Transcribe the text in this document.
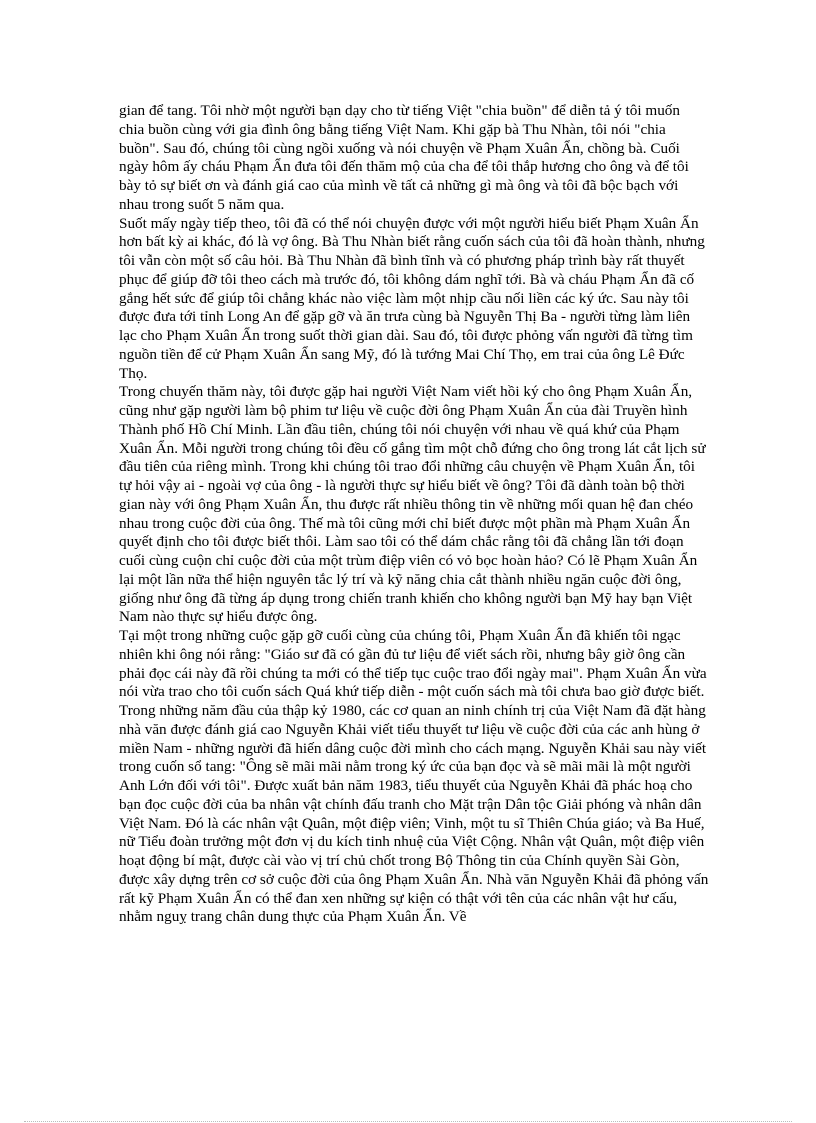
gian để tang. Tôi nhờ một người bạn dạy cho từ tiếng Việt "chia buồn" để diễn tả ý tôi muốn chia buồn cùng với gia đình ông bằng tiếng Việt Nam. Khi gặp bà Thu Nhàn, tôi nói "chia buồn". Sau đó, chúng tôi cùng ngồi xuống và nói chuyện về Phạm Xuân Ẩn, chồng bà. Cuối ngày hôm ấy cháu Phạm Ẩn đưa tôi đến thăm mộ của cha để tôi thắp hương cho ông và để tôi bày tỏ sự biết ơn và đánh giá cao của mình về tất cả những gì mà ông và tôi đã bộc bạch với nhau trong suốt 5 năm qua.

Suốt mấy ngày tiếp theo, tôi đã có thể nói chuyện được với một người hiểu biết Phạm Xuân Ẩn hơn bất kỳ ai khác, đó là vợ ông. Bà Thu Nhàn biết rằng cuốn sách của tôi đã hoàn thành, nhưng tôi vẫn còn một số câu hỏi. Bà Thu Nhàn đã bình tĩnh và có phương pháp trình bày rất thuyết phục để giúp đỡ tôi theo cách mà trước đó, tôi không dám nghĩ tới. Bà và cháu Phạm Ẩn đã cố gắng hết sức để giúp tôi chẳng khác nào việc làm một nhịp cầu nối liền các ký ức. Sau này tôi được đưa tới tỉnh Long An để gặp gỡ và ăn trưa cùng bà Nguyễn Thị Ba - người từng làm liên lạc cho Phạm Xuân Ẩn trong suốt thời gian dài. Sau đó, tôi được phỏng vấn người đã từng tìm nguồn tiền để cử Phạm Xuân Ẩn sang Mỹ, đó là tướng Mai Chí Thọ, em trai của ông Lê Đức Thọ.

Trong chuyến thăm này, tôi được gặp hai người Việt Nam viết hồi ký cho ông Phạm Xuân Ẩn, cũng như gặp người làm bộ phim tư liệu về cuộc đời ông Phạm Xuân Ẩn của đài Truyền hình Thành phố Hồ Chí Minh. Lần đầu tiên, chúng tôi nói chuyện với nhau về quá khứ của Phạm Xuân Ẩn. Mỗi người trong chúng tôi đều cố gắng tìm một chỗ đứng cho ông trong lát cắt lịch sử đầu tiên của riêng mình. Trong khi chúng tôi trao đổi những câu chuyện về Phạm Xuân Ẩn, tôi tự hỏi vậy ai - ngoài vợ của ông - là người thực sự hiểu biết về ông? Tôi đã dành toàn bộ thời gian này với ông Phạm Xuân Ẩn, thu được rất nhiều thông tin về những mối quan hệ đan chéo nhau trong cuộc đời của ông. Thế mà tôi cũng mới chỉ biết được một phần mà Phạm Xuân Ẩn quyết định cho tôi được biết thôi. Làm sao tôi có thể dám chắc rằng tôi đã chẳng lần tới đoạn cuối cùng cuộn chỉ cuộc đời của một trùm điệp viên có vỏ bọc hoàn hảo? Có lẽ Phạm Xuân Ẩn lại một lần nữa thể hiện nguyên tắc lý trí và kỹ năng chia cắt thành nhiều ngăn cuộc đời ông, giống như ông đã từng áp dụng trong chiến tranh khiến cho không người bạn Mỹ hay bạn Việt Nam nào thực sự hiểu được ông.

Tại một trong những cuộc gặp gỡ cuối cùng của chúng tôi, Phạm Xuân Ẩn đã khiến tôi ngạc nhiên khi ông nói rằng: "Giáo sư đã có gần đủ tư liệu để viết sách rồi, nhưng bây giờ ông cần phải đọc cái này đã rồi chúng ta mới có thể tiếp tục cuộc trao đổi ngày mai". Phạm Xuân Ẩn vừa nói vừa trao cho tôi cuốn sách Quá khứ tiếp diễn - một cuốn sách mà tôi chưa bao giờ được biết. Trong những năm đầu của thập kỷ 1980, các cơ quan an ninh chính trị của Việt Nam đã đặt hàng nhà văn được đánh giá cao Nguyễn Khải viết tiểu thuyết tư liệu về cuộc đời của các anh hùng ở miền Nam - những người đã hiến dâng cuộc đời mình cho cách mạng. Nguyễn Khải sau này viết trong cuốn sổ tang: "Ông sẽ mãi mãi nằm trong ký ức của bạn đọc và sẽ mãi mãi là một người Anh Lớn đối với tôi". Được xuất bản năm 1983, tiểu thuyết của Nguyễn Khải đã phác hoạ cho bạn đọc cuộc đời của ba nhân vật chính đấu tranh cho Mặt trận Dân tộc Giải phóng và nhân dân Việt Nam. Đó là các nhân vật Quân, một điệp viên; Vinh, một tu sĩ Thiên Chúa giáo; và Ba Huế, nữ Tiểu đoàn trưởng một đơn vị du kích tinh nhuệ của Việt Cộng. Nhân vật Quân, một điệp viên hoạt động bí mật, được cài vào vị trí chủ chốt trong Bộ Thông tin của Chính quyền Sài Gòn, được xây dựng trên cơ sở cuộc đời của ông Phạm Xuân Ẩn. Nhà văn Nguyễn Khải đã phỏng vấn rất kỹ Phạm Xuân Ẩn có thể đan xen những sự kiện có thật với tên của các nhân vật hư cấu, nhằm nguỵ trang chân dung thực của Phạm Xuân Ẩn. Về
